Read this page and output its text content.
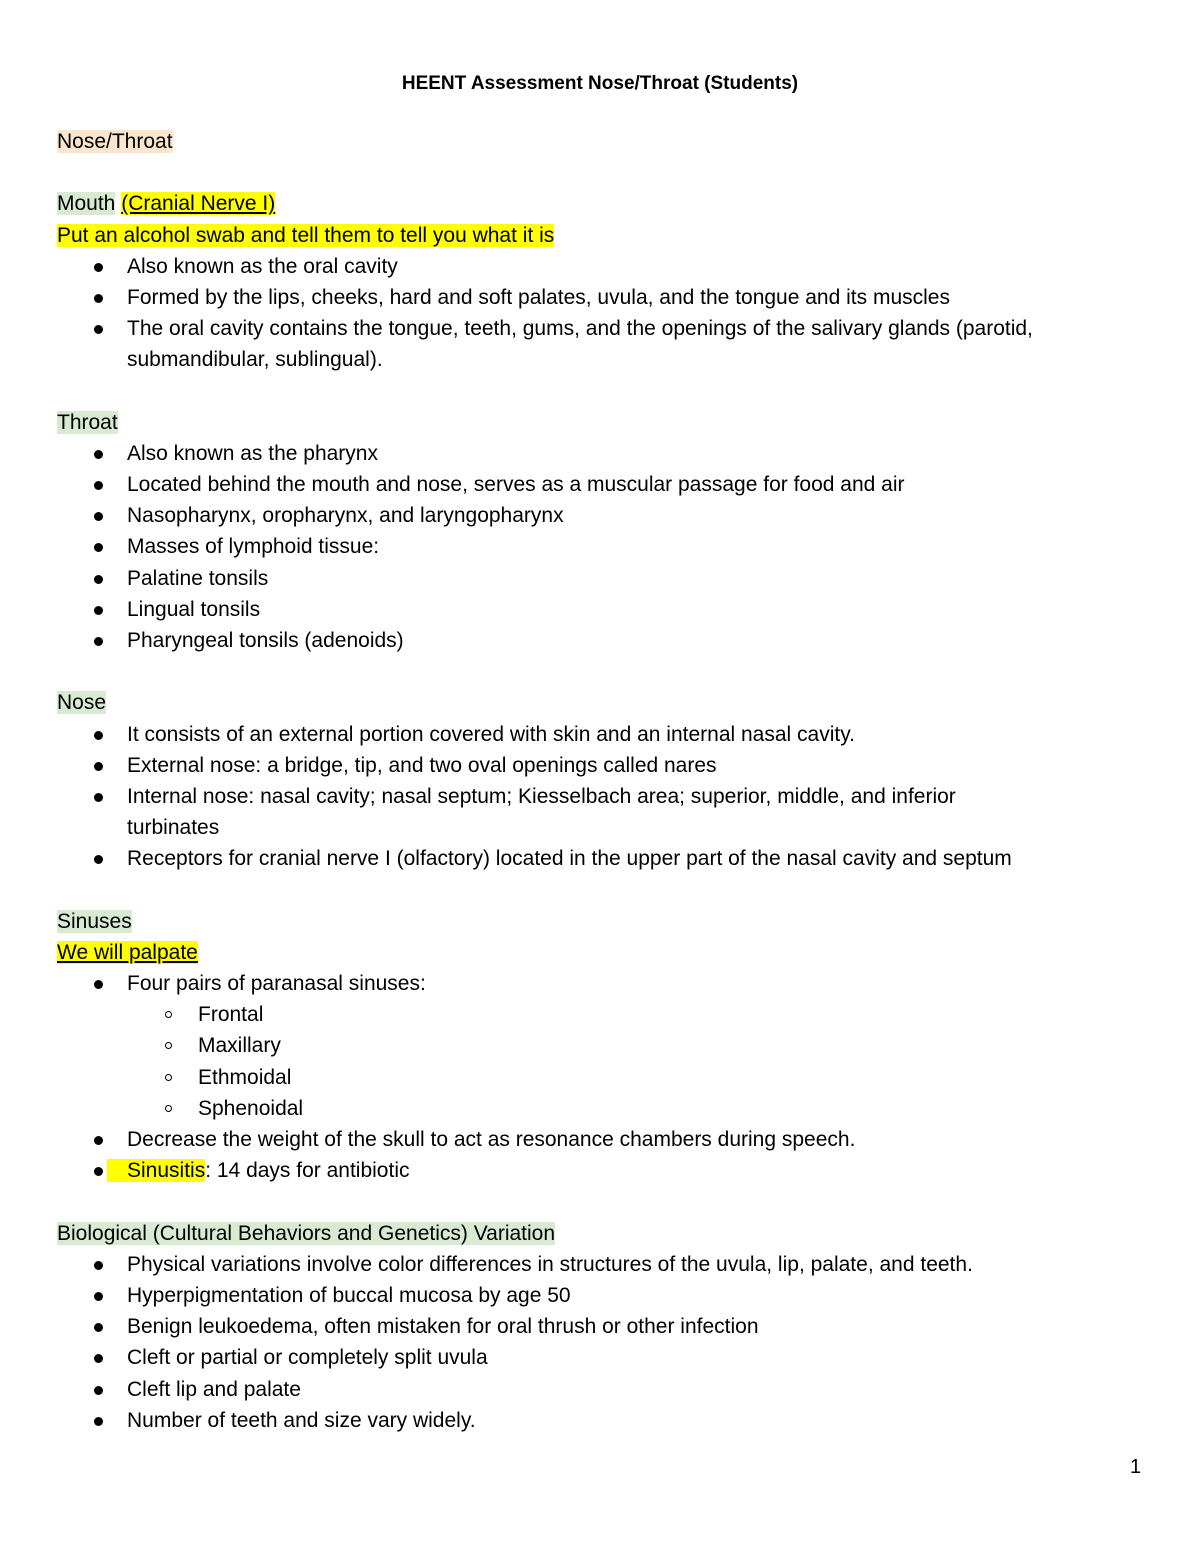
HEENT Assessment Nose/Throat (Students)
Nose/Throat
Mouth (Cranial Nerve I)
Put an alcohol swab and tell them to tell you what it is
Also known as the oral cavity
Formed by the lips, cheeks, hard and soft palates, uvula, and the tongue and its muscles
The oral cavity contains the tongue, teeth, gums, and the openings of the salivary glands (parotid,
submandibular, sublingual).
Throat
Also known as the pharynx
Located behind the mouth and nose, serves as a muscular passage for food and air
Nasopharynx, oropharynx, and laryngopharynx
Masses of lymphoid tissue:
Palatine tonsils
Lingual tonsils
Pharyngeal tonsils (adenoids)
Nose
It consists of an external portion covered with skin and an internal nasal cavity.
External nose: a bridge, tip, and two oval openings called nares
Internal nose: nasal cavity; nasal septum; Kiesselbach area; superior, middle, and inferior
turbinates
Receptors for cranial nerve I (olfactory) located in the upper part of the nasal cavity and septum
Sinuses
We will palpate
Four pairs of paranasal sinuses:
Frontal
Maxillary
Ethmoidal
Sphenoidal
Decrease the weight of the skull to act as resonance chambers during speech.
Sinusitis: 14 days for antibiotic
Biological (Cultural Behaviors and Genetics) Variation
Physical variations involve color differences in structures of the uvula, lip, palate, and teeth.
Hyperpigmentation of buccal mucosa by age 50
Benign leukoedema, often mistaken for oral thrush or other infection
Cleft or partial or completely split uvula
Cleft lip and palate
Number of teeth and size vary widely.
1
